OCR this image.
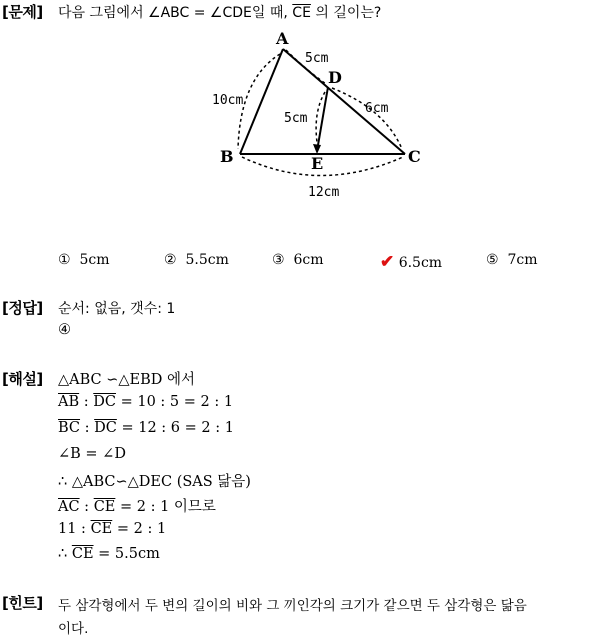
[문제] 다음 그림에서 ∠ABC = ∠CDE일 때, $\overline{CE}$ 의 길이는?
A
B	C
D
E
10cm
5cm
6cm
5cm
12cm
① 5cm	② 5.5cm	③ 6cm	✔ 6.5cm	⑤ 7cm
[정답] 순서: 없음, 갯수: 1
④
[해설] △ABC ∽△EBD 에서
$\overline{AB}$ : $\overline{DC} = 10$ : 5 = 2 : 1
$\overline{BC}$ : $\overline{DC} = 12$ : 6 = 2 : 1
∠B = ∠D
∴ △ABC∽△DEC (SAS 닮음)
$\overline{AC}$ : $\overline{CE} = 2$ : 1 이므로
11 : $\overline{CE} = 2$ : 1
∴ $\overline{CE} = 5.5cm$
[힌트] 두 삼각형에서 두 변의 길이의 비와 그 끼인각의 크기가 같으면 두 삼각형은 닮음
이다.
